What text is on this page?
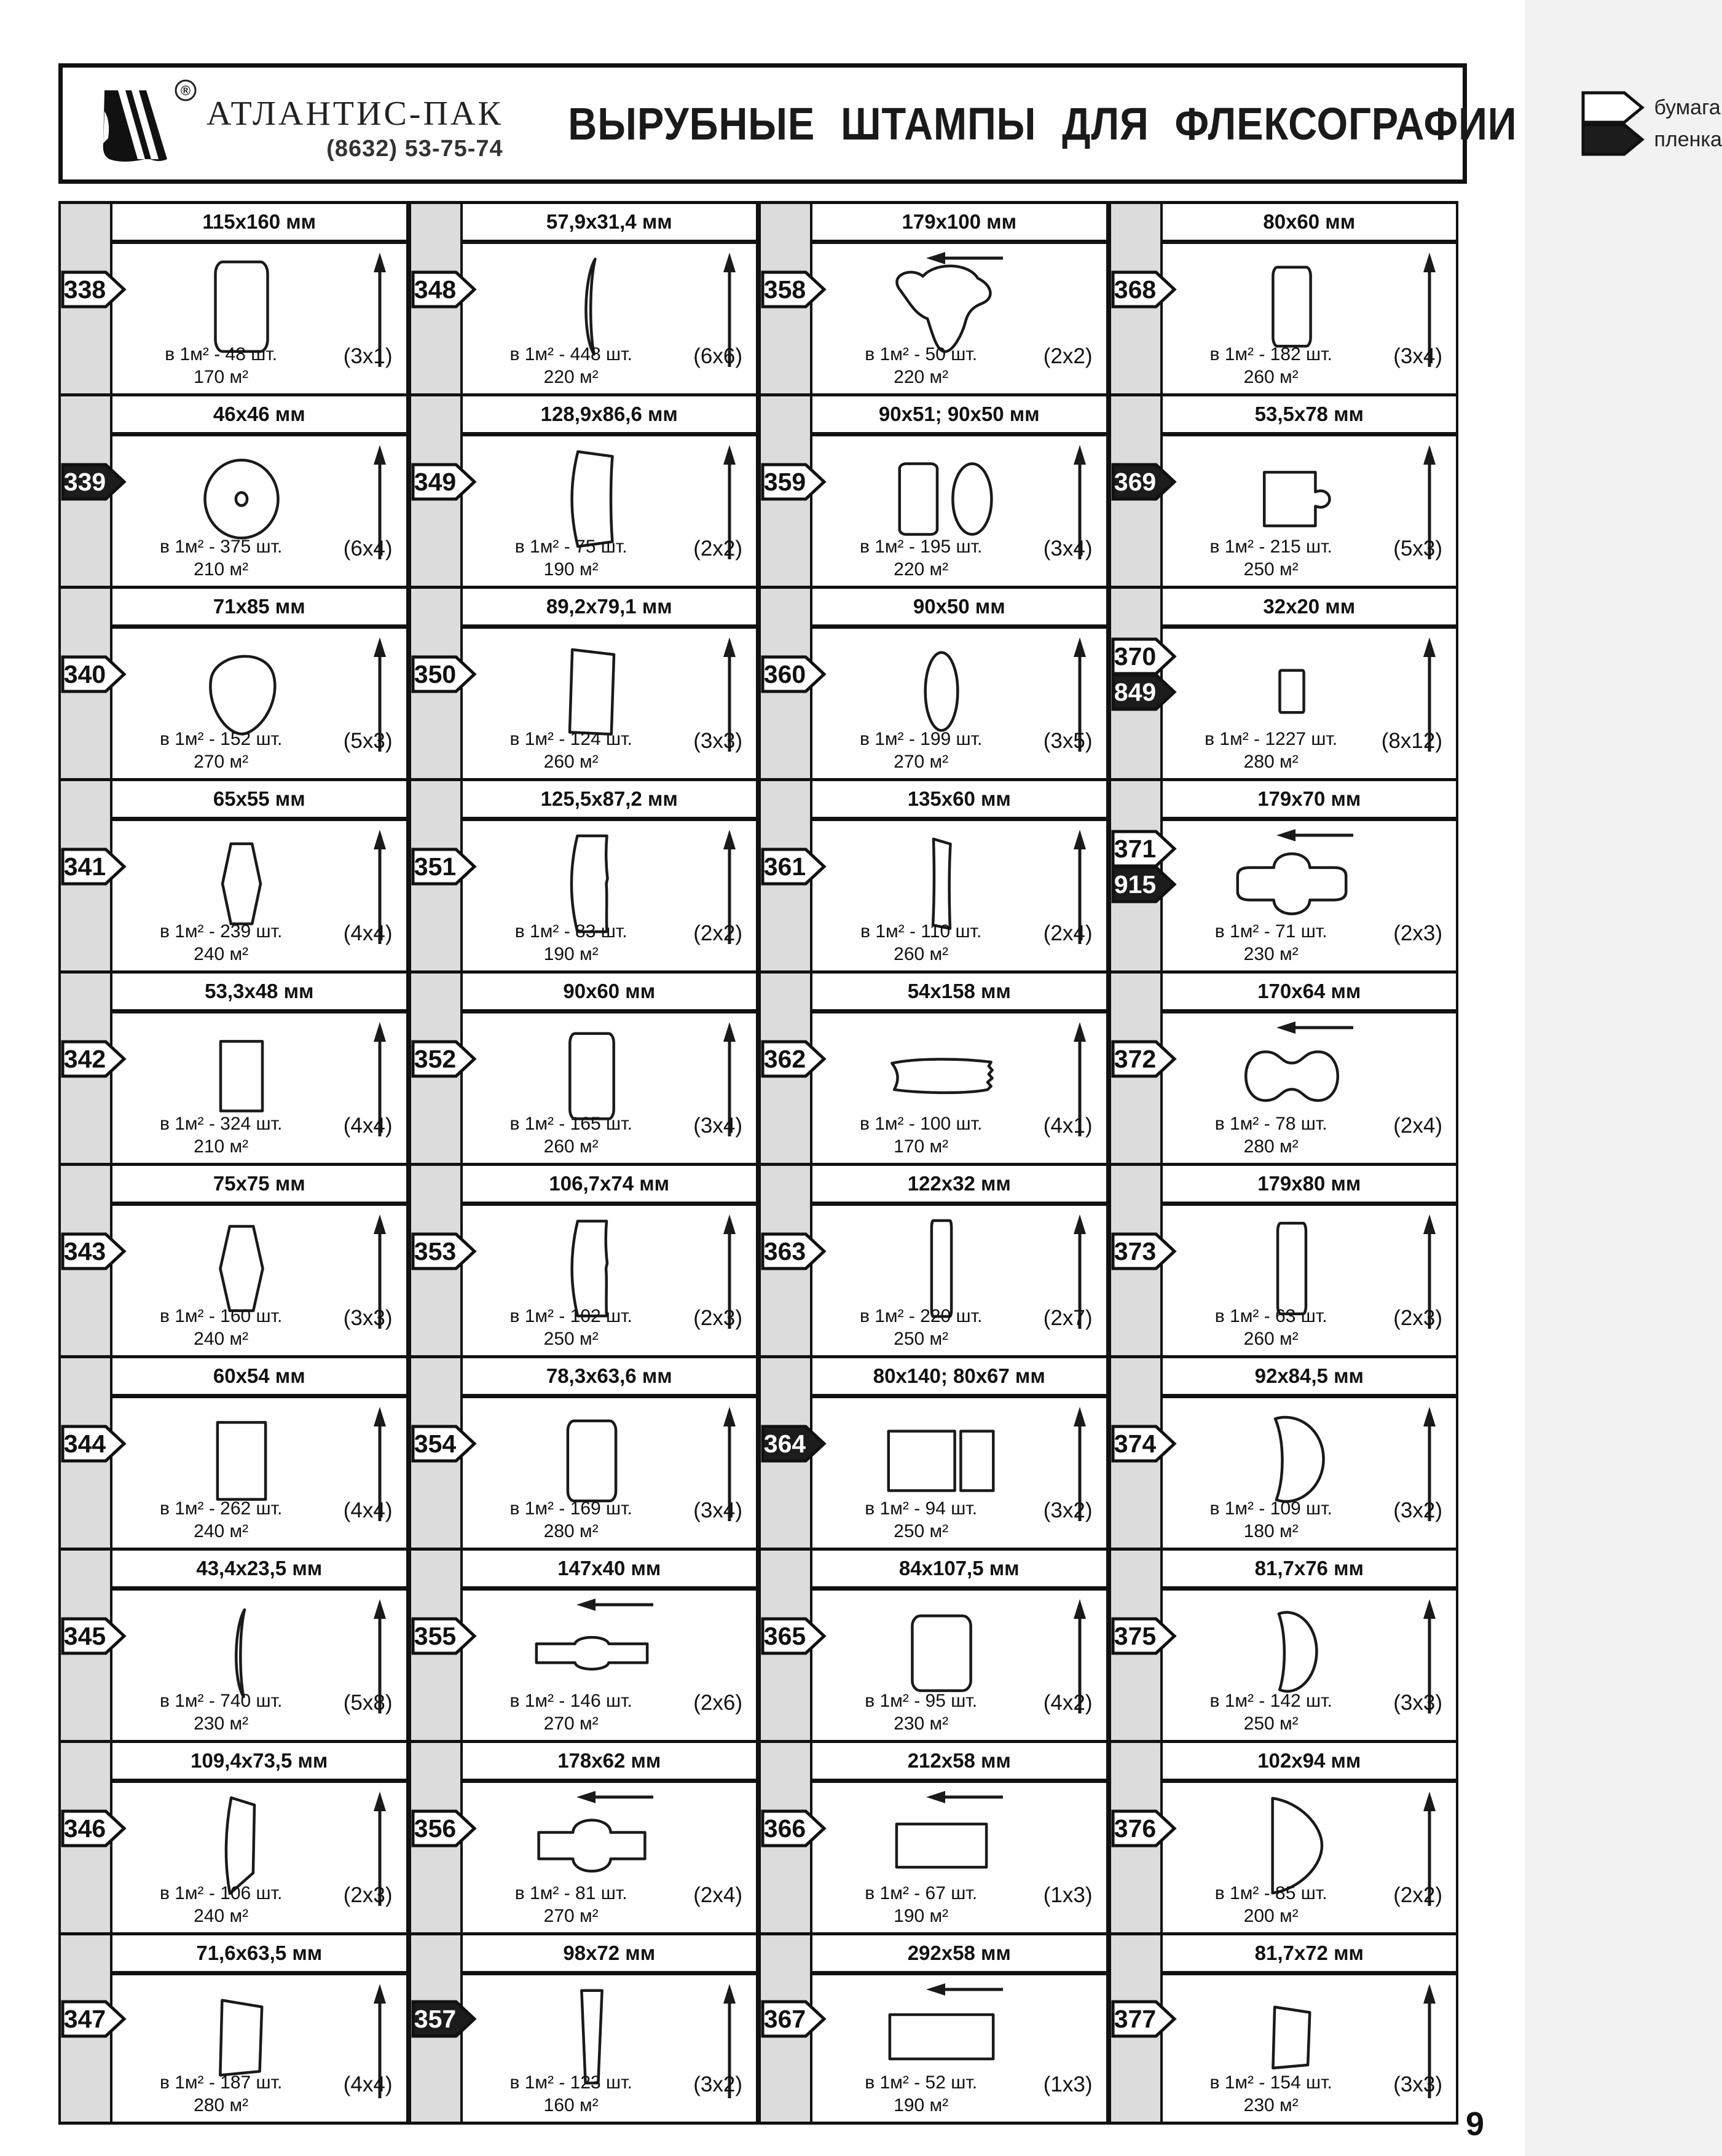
®
АТЛАНТИС-ПАК
(8632) 53-75-74 ВЫРУБНЫЕ ШТАМПЫ ДЛЯ ФЛЕКСОГРАФИИ	бумага
пленка
338
115x160 мм
в 1м² - 48 шт.
170 м²
(3x1)
348
57,9x31,4 мм
в 1м² - 448 шт.
220 м²
(6x6)
358
179x100 мм
в 1м² - 50 шт.
220 м²
(2x2)
368
80x60 мм
в 1м² - 182 шт.
260 м²
(3x4)
339
46x46 мм
в 1м² - 375 шт.
210 м²
(6x4)
349
128,9x86,6 мм
в 1м² - 75 шт.
190 м²
(2x2)
359
90x51; 90x50 мм
в 1м² - 195 шт.
220 м²
(3x4)
369
53,5x78 мм
в 1м² - 215 шт.
250 м²
(5x3)
340
71x85 мм
в 1м² - 152 шт.
270 м²
(5x3)
350
89,2x79,1 мм
в 1м² - 124 шт.
260 м²
(3x3)
360
90x50 мм
в 1м² - 199 шт.
270 м²
(3x5)
370
849
32x20 мм
в 1м² - 1227 шт.
280 м²
(8x12)
341
65x55 мм
в 1м² - 239 шт.
240 м²
(4x4)
351
125,5x87,2 мм
в 1м² - 83 шт.
190 м²
(2x2)
361
135x60 мм
в 1м² - 110 шт.
260 м²
(2x4)
371
915
179x70 мм
в 1м² - 71 шт.
230 м²
(2x3)
342
53,3x48 мм
в 1м² - 324 шт.
210 м²
(4x4)
352
90x60 мм
в 1м² - 165 шт.
260 м²
(3x4)
362
54x158 мм
в 1м² - 100 шт.
170 м²
(4x1)
372
170x64 мм
в 1м² - 78 шт.
280 м²
(2x4)
343
75x75 мм
в 1м² - 160 шт.
240 м²
(3x3)
353
106,7x74 мм
в 1м² - 102 шт.
250 м²
(2x3)
363
122x32 мм
в 1м² - 220 шт.
250 м²
(2x7)
373
179x80 мм
в 1м² - 63 шт.
260 м²
(2x3)
344
60x54 мм
в 1м² - 262 шт.
240 м²
(4x4)
354
78,3x63,6 мм
в 1м² - 169 шт.
280 м²
(3x4)
364
80x140; 80x67 мм
в 1м² - 94 шт.
250 м²
(3x2)
374
92x84,5 мм
в 1м² - 109 шт.
180 м²
(3x2)
345
43,4x23,5 мм
в 1м² - 740 шт.
230 м²
(5x8)
355
147x40 мм
в 1м² - 146 шт.
270 м²
(2x6)
365
84x107,5 мм
в 1м² - 95 шт.
230 м²
(4x2)
375
81,7x76 мм
в 1м² - 142 шт.
250 м²
(3x3)
346
109,4x73,5 мм
в 1м² - 106 шт.
240 м²
(2x3)
356
178x62 мм
в 1м² - 81 шт.
270 м²
(2x4)
366
212x58 мм
в 1м² - 67 шт.
190 м²
(1x3)
376
102x94 мм
в 1м² - 85 шт.
200 м²
(2x2)
347
71,6x63,5 мм
в 1м² - 187 шт.
280 м²
(4x4)
357
98x72 мм
в 1м² - 123 шт.
160 м²
(3x2)
367
292x58 мм
в 1м² - 52 шт.
190 м²
(1x3)
377
81,7x72 мм
в 1м² - 154 шт.
230 м²
(3x3)
9
